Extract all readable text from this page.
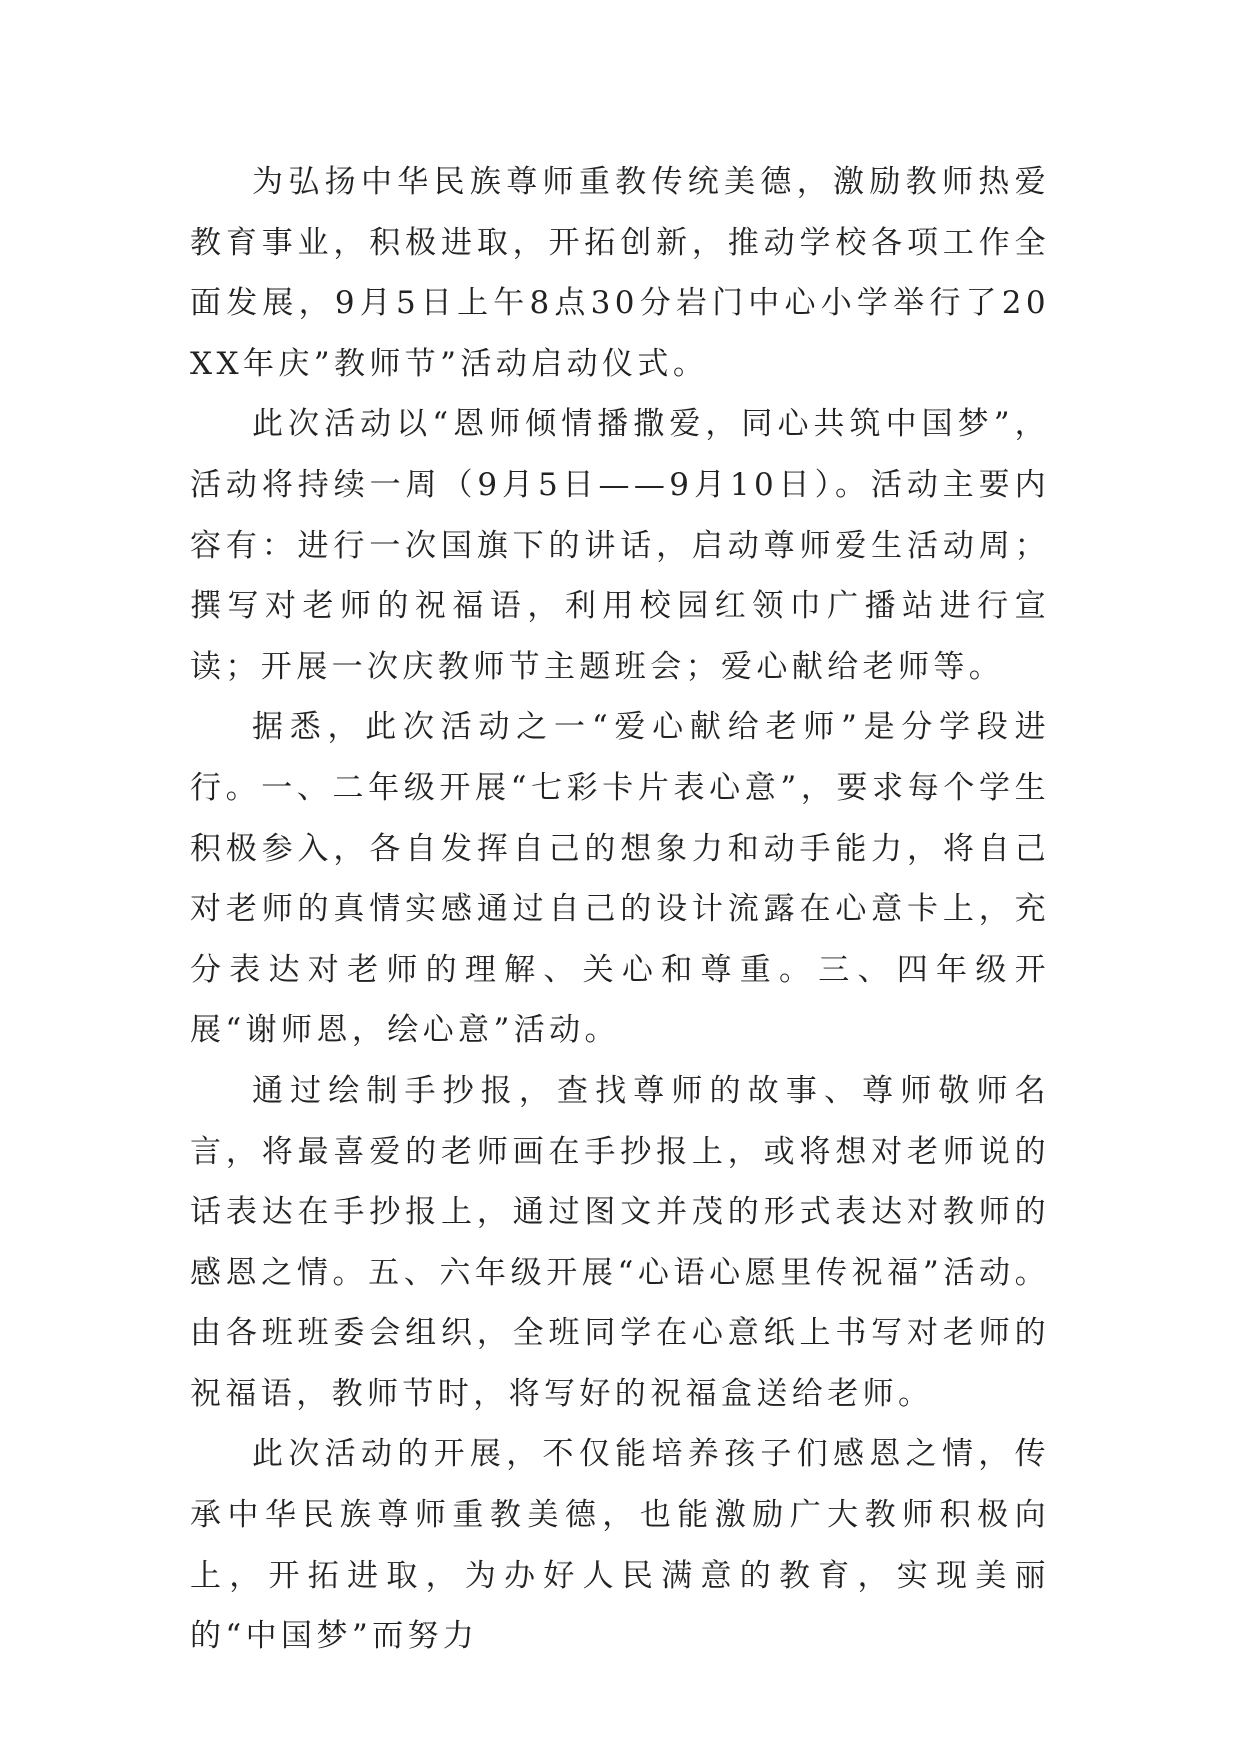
为弘扬中华民族尊师重教传统美德，激励教师热爱教育事业，积极进取，开拓创新，推动学校各项工作全面发展，9月5日上午8点30分岩门中心小学举行了20XX年庆”教师节”活动启动仪式。

此次活动以“恩师倾情播撒爱，同心共筑中国梦”，活动将持续一周（9月5日——9月10日）。活动主要内容有：进行一次国旗下的讲话，启动尊师爱生活动周；撰写对老师的祝福语，利用校园红领巾广播站进行宣读；开展一次庆教师节主题班会；爱心献给老师等。

据悉，此次活动之一“爱心献给老师”是分学段进行。一、二年级开展“七彩卡片表心意”，要求每个学生积极参入，各自发挥自己的想象力和动手能力，将自己对老师的真情实感通过自己的设计流露在心意卡上，充分表达对老师的理解、关心和尊重。三、四年级开展“谢师恩，绘心意”活动。

通过绘制手抄报，查找尊师的故事、尊师敬师名言，将最喜爱的老师画在手抄报上，或将想对老师说的话表达在手抄报上，通过图文并茂的形式表达对教师的感恩之情。五、六年级开展“心语心愿里传祝福”活动。由各班班委会组织，全班同学在心意纸上书写对老师的祝福语，教师节时，将写好的祝福盒送给老师。

此次活动的开展，不仅能培养孩子们感恩之情，传承中华民族尊师重教美德，也能激励广大教师积极向上，开拓进取，为办好人民满意的教育，实现美丽的“中国梦”而努力
